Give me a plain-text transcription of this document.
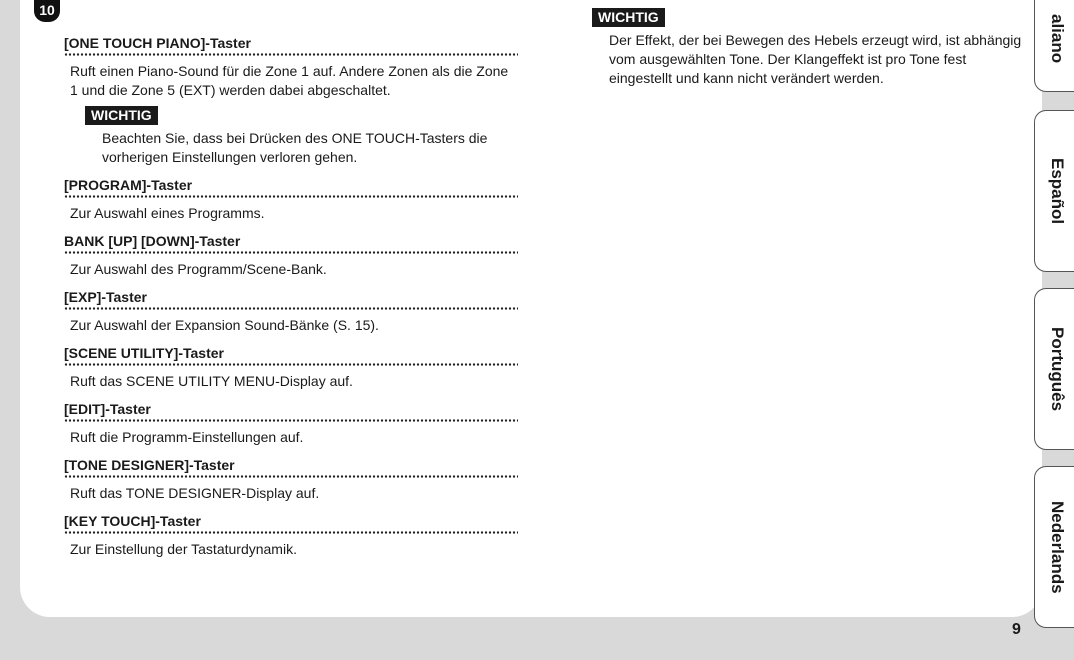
10
[ONE TOUCH PIANO]-Taster
Ruft einen Piano-Sound für die Zone 1 auf. Andere Zonen als die Zone 1 und die Zone 5 (EXT) werden dabei abgeschaltet.
WICHTIG
Beachten Sie, dass bei Drücken des ONE TOUCH-Tasters die vorherigen Einstellungen verloren gehen.
[PROGRAM]-Taster
Zur Auswahl eines Programms.
BANK [UP] [DOWN]-Taster
Zur Auswahl des Programm/Scene-Bank.
[EXP]-Taster
Zur Auswahl der Expansion Sound-Bänke (S. 15).
[SCENE UTILITY]-Taster
Ruft das SCENE UTILITY MENU-Display auf.
[EDIT]-Taster
Ruft die Programm-Einstellungen auf.
[TONE DESIGNER]-Taster
Ruft das TONE DESIGNER-Display auf.
[KEY TOUCH]-Taster
Zur Einstellung der Tastaturdynamik.
WICHTIG
Der Effekt, der bei Bewegen des Hebels erzeugt wird, ist abhängig vom ausgewählten Tone. Der Klangeffekt ist pro Tone fest eingestellt und kann nicht verändert werden.
aliano
Español
Português
Nederlands
9
